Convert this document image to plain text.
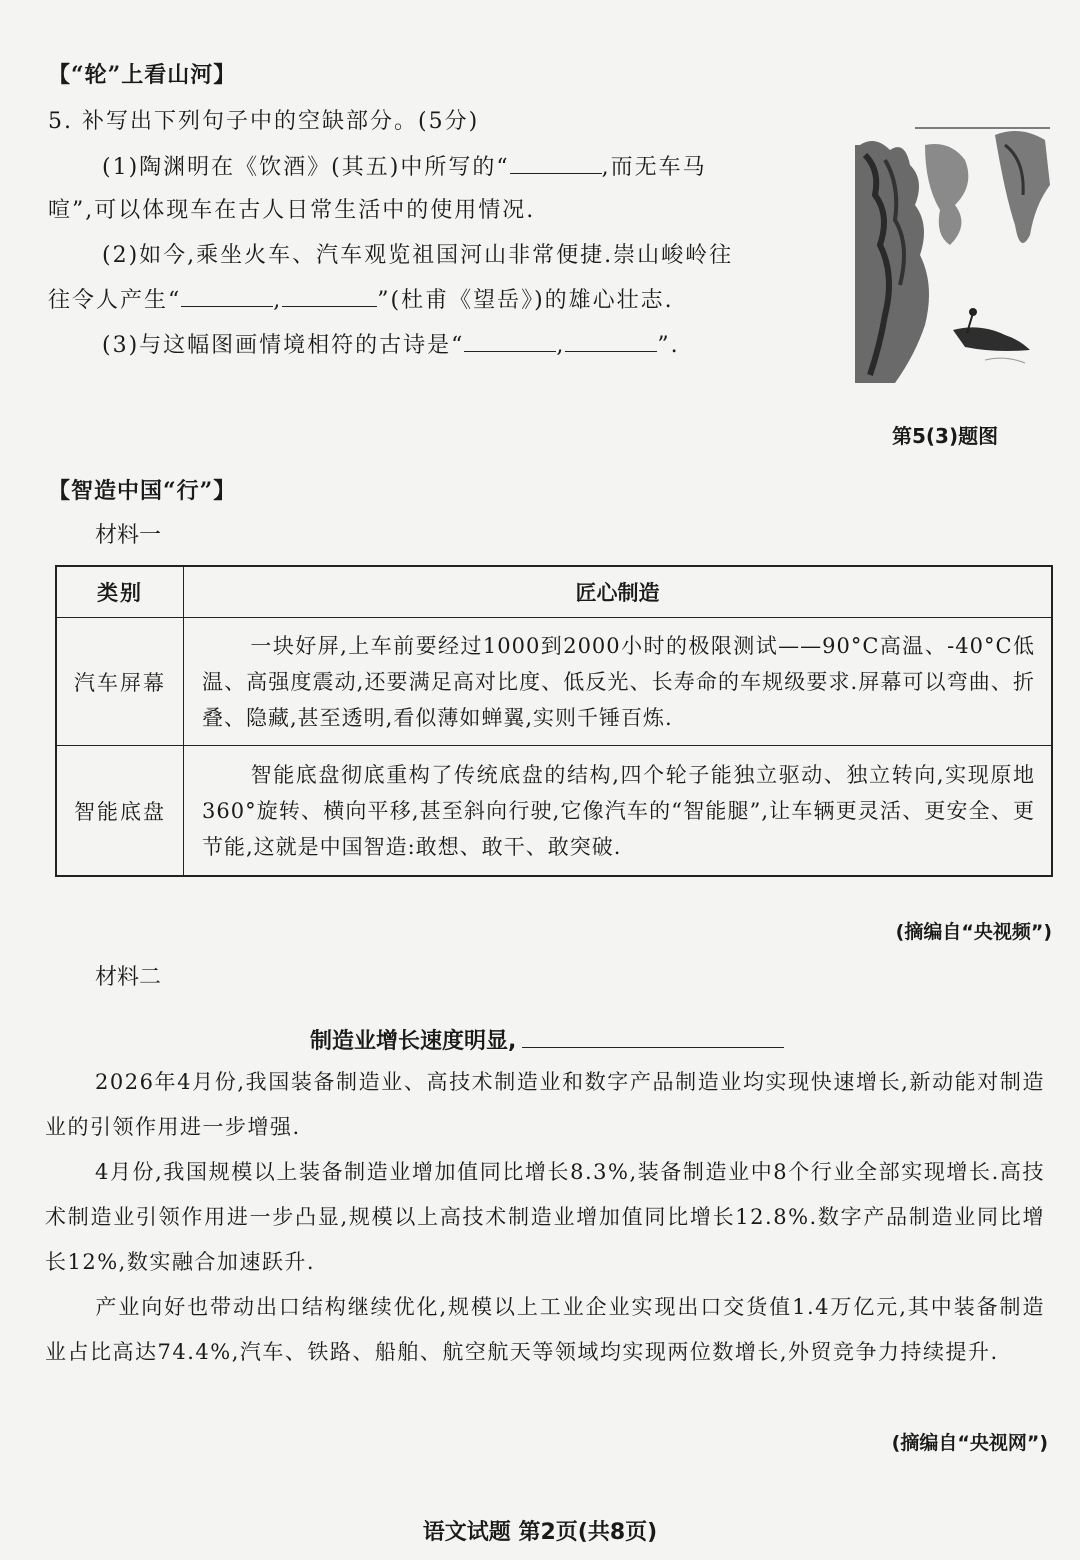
【“轮”上看山河】
5. 补写出下列句子中的空缺部分。(5分)
(1)陶渊明在《饮酒》(其五)中所写的“	,而无车马
喧”,可以体现车在古人日常生活中的使用情况.
(2)如今,乘坐火车、汽车观览祖国河山非常便捷.崇山峻岭往
往令人产生“	,	”(杜甫《望岳》)的雄心壮志.
(3)与这幅图画情境相符的古诗是“	,	”.
第5(3)题图
【智造中国“行”】
材料一
类别	匠心制造
汽车屏幕	一块好屏,上车前要经过1000到2000小时的极限测试——90°C高温、-40°C低温、高强度震动,还要满足高对比度、低反光、长寿命的车规级要求.屏幕可以弯曲、折叠、隐藏,甚至透明,看似薄如蝉翼,实则千锤百炼.
智能底盘	智能底盘彻底重构了传统底盘的结构,四个轮子能独立驱动、独立转向,实现原地360°旋转、横向平移,甚至斜向行驶,它像汽车的“智能腿”,让车辆更灵活、更安全、更节能,这就是中国智造:敢想、敢干、敢突破.
(摘编自“央视频”)
材料二
制造业增长速度明显,
2026年4月份,我国装备制造业、高技术制造业和数字产品制造业均实现快速增长,新动能对制造业的引领作用进一步增强.
4月份,我国规模以上装备制造业增加值同比增长8.3%,装备制造业中8个行业全部实现增长.高技术制造业引领作用进一步凸显,规模以上高技术制造业增加值同比增长12.8%.数字产品制造业同比增长12%,数实融合加速跃升.
产业向好也带动出口结构继续优化,规模以上工业企业实现出口交货值1.4万亿元,其中装备制造业占比高达74.4%,汽车、铁路、船舶、航空航天等领域均实现两位数增长,外贸竞争力持续提升.
(摘编自“央视网”)
语文试题 第2页(共8页)
